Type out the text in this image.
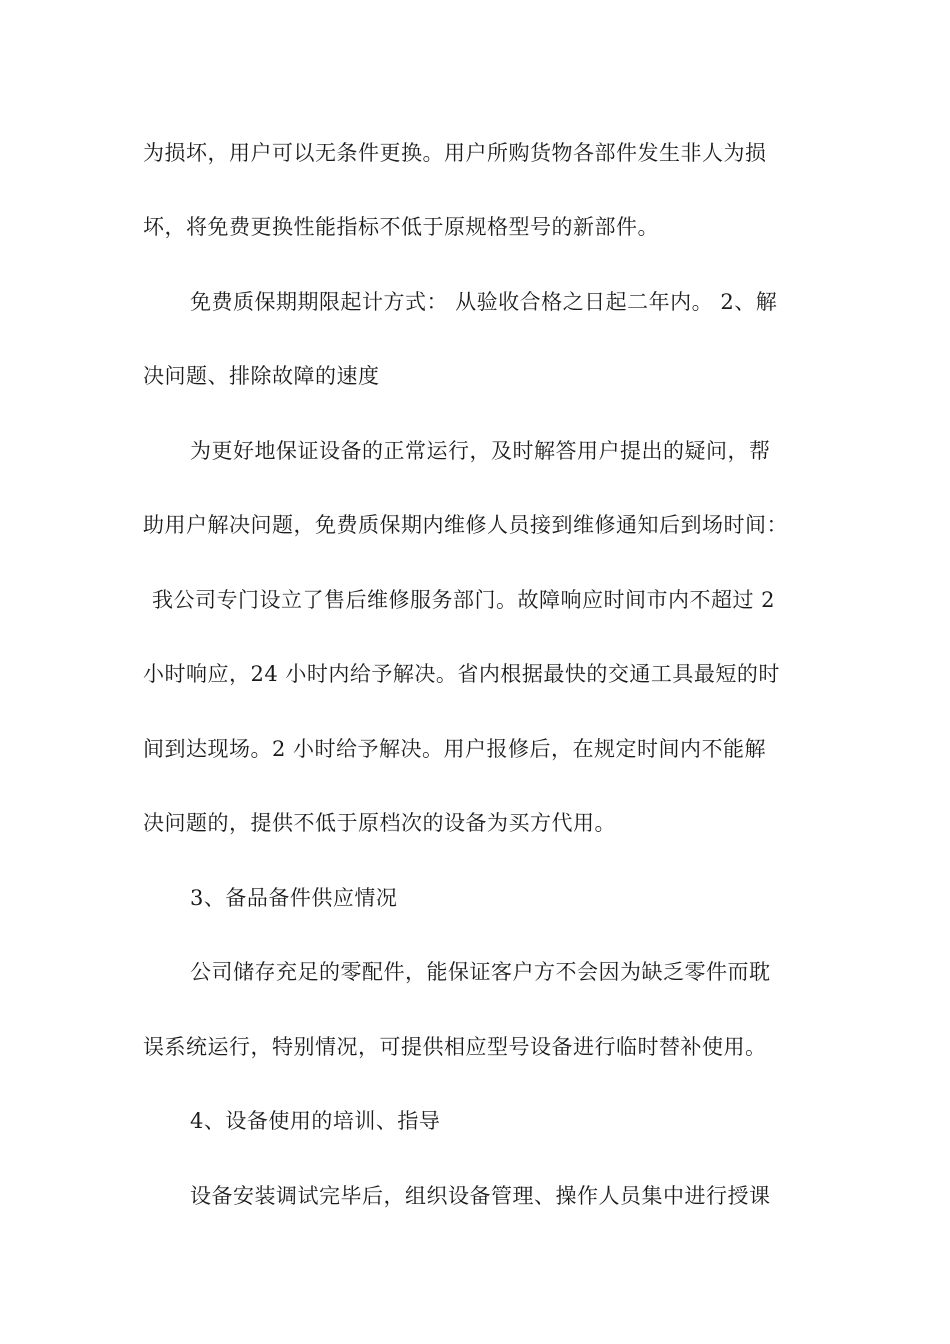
为损坏，用户可以无条件更换。用户所购货物各部件发生非人为损

坏，将免费更换性能指标不低于原规格型号的新部件。

免费质保期期限起计方式： 从验收合格之日起二年内。 2、解

决问题、排除故障的速度

为更好地保证设备的正常运行，及时解答用户提出的疑问，帮

助用户解决问题，免费质保期内维修人员接到维修通知后到场时间：

我公司专门设立了售后维修服务部门。故障响应时间市内不超过 2

小时响应，24 小时内给予解决。省内根据最快的交通工具最短的时

间到达现场。2 小时给予解决。用户报修后，在规定时间内不能解

决问题的，提供不低于原档次的设备为买方代用。

3、备品备件供应情况

公司储存充足的零配件，能保证客户方不会因为缺乏零件而耽

误系统运行，特别情况，可提供相应型号设备进行临时替补使用。

4、设备使用的培训、指导

设备安装调试完毕后，组织设备管理、操作人员集中进行授课
